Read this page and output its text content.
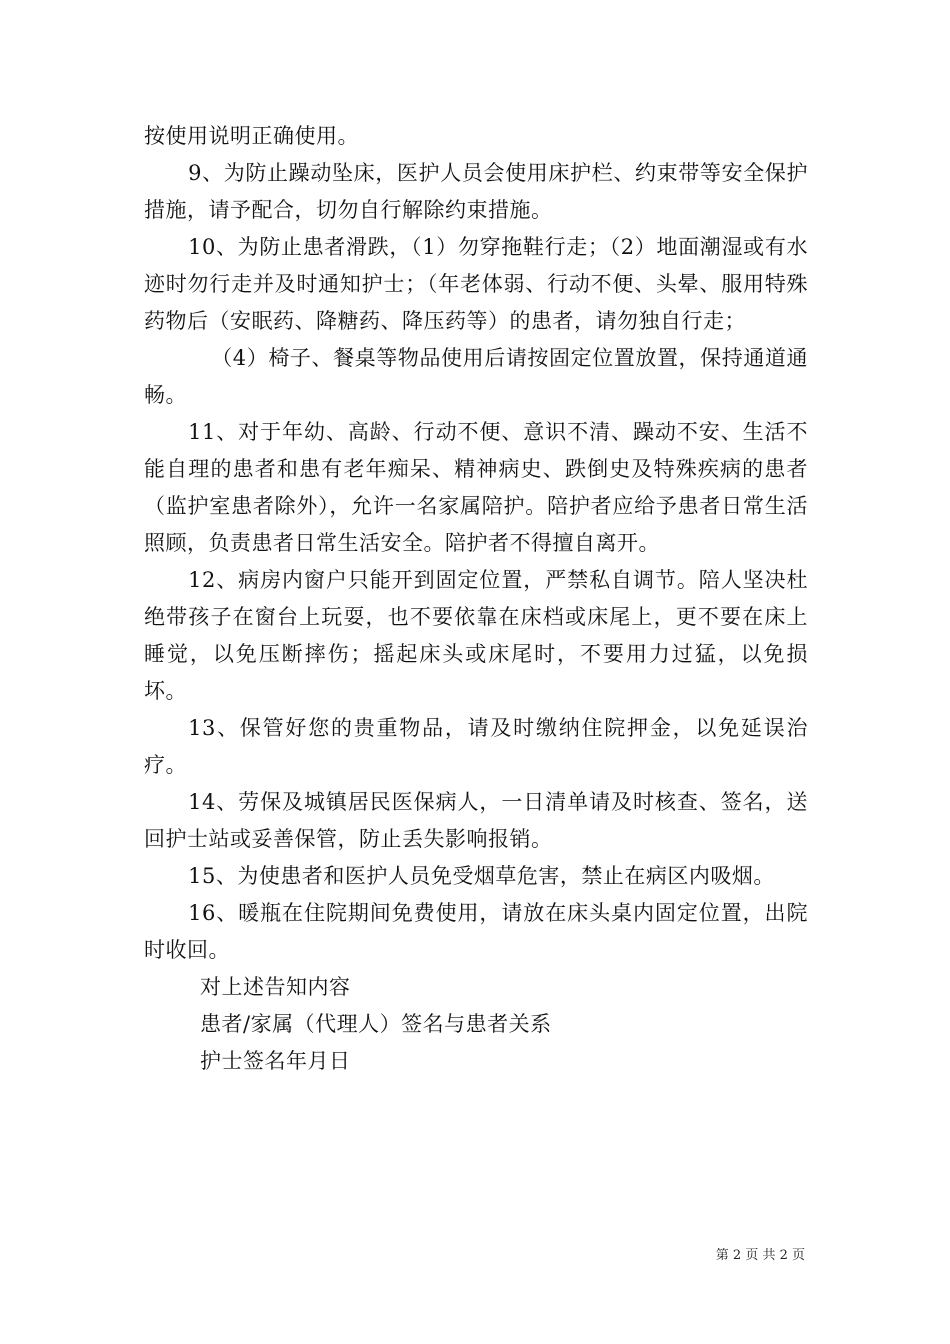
按使用说明正确使用。

9、为防止躁动坠床，医护人员会使用床护栏、约束带等安全保护措施，请予配合，切勿自行解除约束措施。

10、为防止患者滑跌，（1）勿穿拖鞋行走；（2）地面潮湿或有水迹时勿行走并及时通知护士；（年老体弱、行动不便、头晕、服用特殊药物后（安眠药、降糖药、降压药等）的患者，请勿独自行走；

（4）椅子、餐桌等物品使用后请按固定位置放置，保持通道通畅。

11、对于年幼、高龄、行动不便、意识不清、躁动不安、生活不能自理的患者和患有老年痴呆、精神病史、跌倒史及特殊疾病的患者（监护室患者除外），允许一名家属陪护。陪护者应给予患者日常生活照顾，负责患者日常生活安全。陪护者不得擅自离开。

12、病房内窗户只能开到固定位置，严禁私自调节。陪人坚决杜绝带孩子在窗台上玩耍，也不要依靠在床档或床尾上，更不要在床上睡觉，以免压断摔伤；摇起床头或床尾时，不要用力过猛，以免损坏。

13、保管好您的贵重物品，请及时缴纳住院押金，以免延误治疗。

14、劳保及城镇居民医保病人，一日清单请及时核查、签名，送回护士站或妥善保管，防止丢失影响报销。

15、为使患者和医护人员免受烟草危害，禁止在病区内吸烟。

16、暖瓶在住院期间免费使用，请放在床头桌内固定位置，出院时收回。

对上述告知内容

患者/家属（代理人）签名与患者关系

护士签名年月日

第 2 页 共 2 页
